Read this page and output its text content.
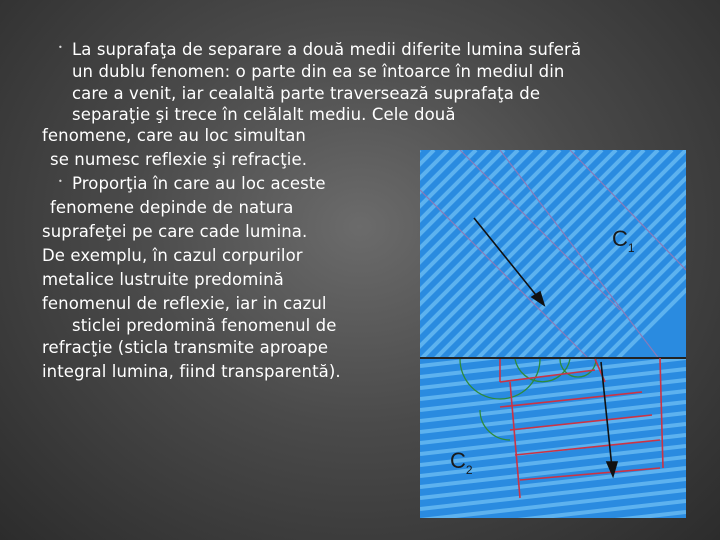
• La suprafaţa de separare a două medii diferite lumina suferă
un dublu fenomen: o parte din ea se întoarce în mediul din
care a venit, iar cealaltă parte traversează suprafaţa de
separaţie şi trece în celălalt mediu. Cele două
fenomene, care au loc simultan
se numesc reflexie şi refracţie.
• Proporţia în care au loc aceste
fenomene depinde de natura
suprafeţei pe care cade lumina.
De exemplu, în cazul corpurilor
metalice lustruite predomină
fenomenul de reflexie, iar in cazul
sticlei predomină fenomenul de
refracţie (sticla transmite aproape
integral lumina, fiind transparentă).
$C_1$
$C_2$
